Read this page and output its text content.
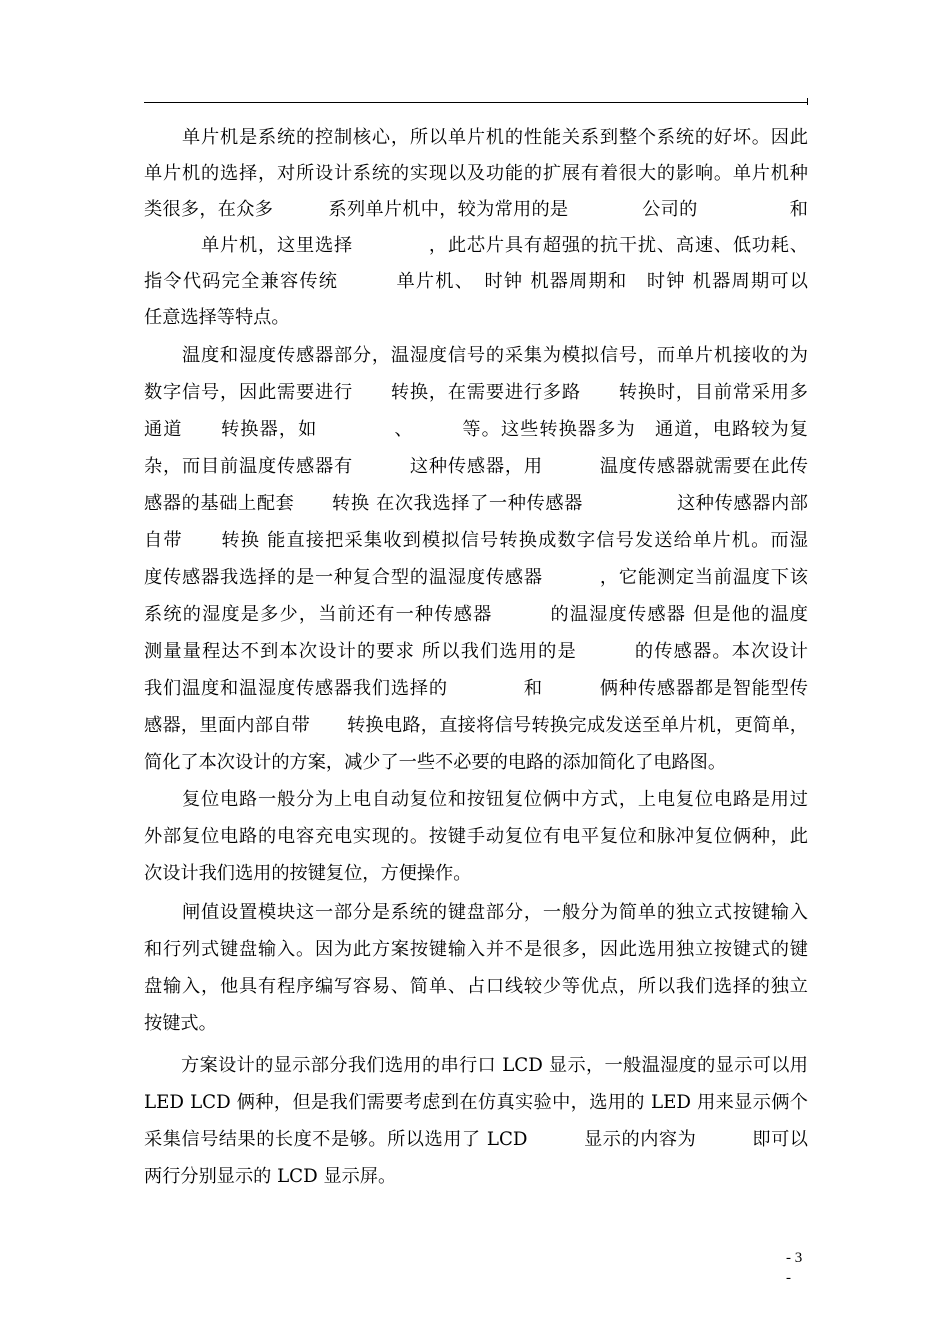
　　单片机是系统的控制核心，所以单片机的性能关系到整个系统的好坏。因此
单片机的选择，对所设计系统的实现以及功能的扩展有着很大的影响。单片机种
类很多，在众多　　　系列单片机中，较为常用的是　　　　公司的　　　　　和
　　　单片机，这里选择　　　　，此芯片具有超强的抗干扰、高速、低功耗、
指令代码完全兼容传统　　　单片机、　时钟 机器周期和　时钟 机器周期可以
任意选择等特点。
　　温度和湿度传感器部分，温湿度信号的采集为模拟信号，而单片机接收的为
数字信号，因此需要进行　　转换，在需要进行多路　　转换时，目前常采用多
通道　　转换器，如　　　　、　　　等。这些转换器多为　通道，电路较为复
杂，而目前温度传感器有　　　这种传感器，用　　　温度传感器就需要在此传
感器的基础上配套　　转换 在次我选择了一种传感器　　　　　这种传感器内部
自带　　转换 能直接把采集收到模拟信号转换成数字信号发送给单片机。而湿
度传感器我选择的是一种复合型的温湿度传感器　　　，它能测定当前温度下该
系统的湿度是多少，当前还有一种传感器　　　的温湿度传感器 但是他的温度
测量量程达不到本次设计的要求 所以我们选用的是　　　的传感器。本次设计
我们温度和温湿度传感器我们选择的　　　　和　　　俩种传感器都是智能型传
感器，里面内部自带　　转换电路，直接将信号转换完成发送至单片机，更简单，
简化了本次设计的方案，减少了一些不必要的电路的添加简化了电路图。
　　复位电路一般分为上电自动复位和按钮复位俩中方式，上电复位电路是用过
外部复位电路的电容充电实现的。按键手动复位有电平复位和脉冲复位俩种，此
次设计我们选用的按键复位，方便操作。
　　闸值设置模块这一部分是系统的键盘部分，一般分为简单的独立式按键输入
和行列式键盘输入。因为此方案按键输入并不是很多，因此选用独立按键式的键
盘输入，他具有程序编写容易、简单、占口线较少等优点，所以我们选择的独立
按键式。
　　方案设计的显示部分我们选用的串行口 LCD 显示，一般温湿度的显示可以用
LED LCD 俩种，但是我们需要考虑到在仿真实验中，选用的 LED 用来显示俩个
采集信号结果的长度不是够。所以选用了 LCD　　　显示的内容为　　　即可以
两行分别显示的 LCD 显示屏。
- 3
-
